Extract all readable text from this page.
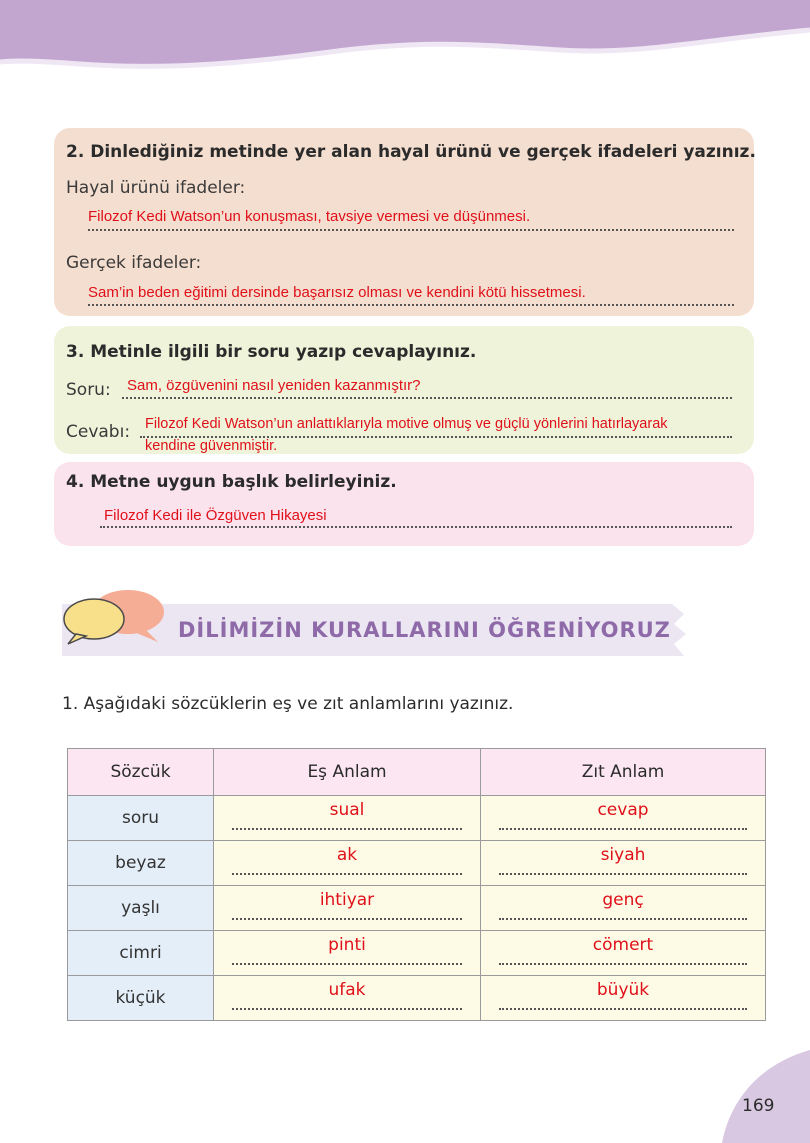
2. Dinlediğiniz metinde yer alan hayal ürünü ve gerçek ifadeleri yazınız.
Hayal ürünü ifadeler:
Filozof Kedi Watson’un konuşması, tavsiye vermesi ve düşünmesi.
Gerçek ifadeler:
Sam’in beden eğitimi dersinde başarısız olması ve kendini kötü hissetmesi.
3. Metinle ilgili bir soru yazıp cevaplayınız.
Soru: Sam, özgüvenini nasıl yeniden kazanmıştır?
Cevabı: Filozof Kedi Watson’un anlattıklarıyla motive olmuş ve güçlü yönlerini hatırlayarak
kendine güvenmiştir.
4. Metne uygun başlık belirleyiniz.
Filozof Kedi ile Özgüven Hikayesi
DİLİMİZİN KURALLARINI ÖĞRENİYORUZ
1. Aşağıdaki sözcüklerin eş ve zıt anlamlarını yazınız.
Sözcük	Eş Anlam	Zıt Anlam
soru	sual	cevap

beyaz	ak	siyah

yaşlı	ihtiyar	genç

cimri	pinti	cömert

küçük	ufak	büyük
169
